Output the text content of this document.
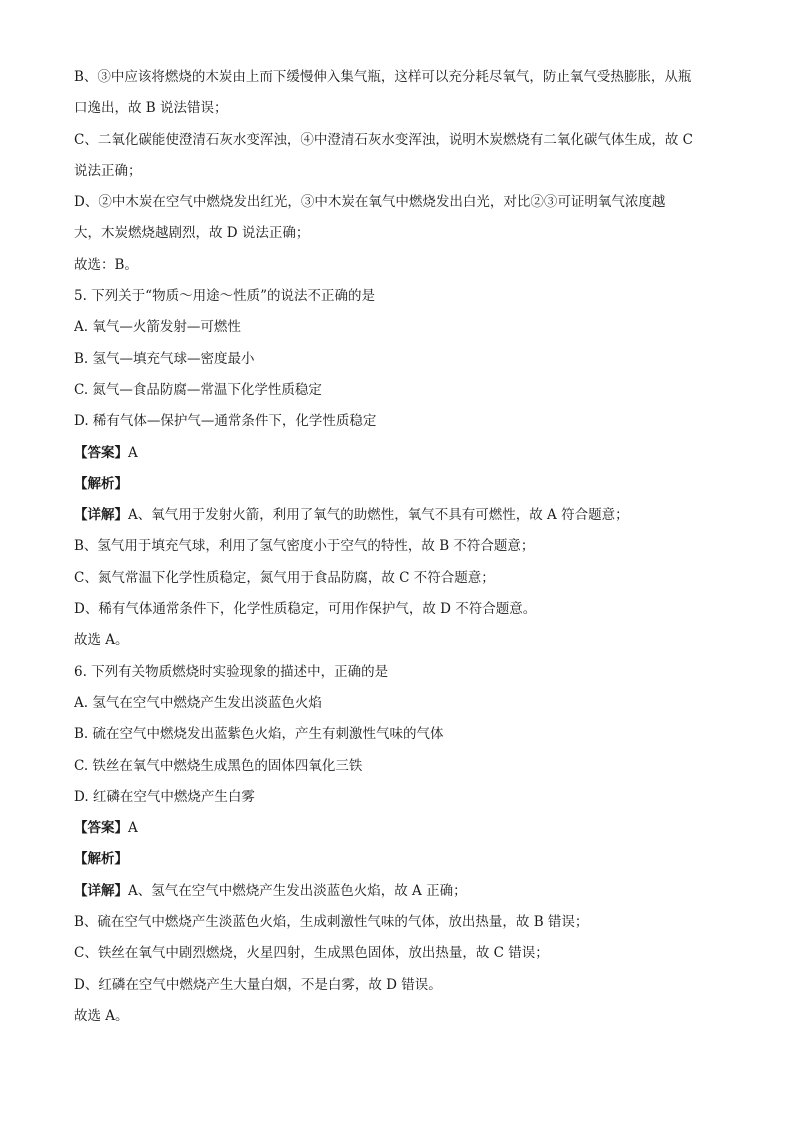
B、③中应该将燃烧的木炭由上而下缓慢伸入集气瓶，这样可以充分耗尽氧气，防止氧气受热膨胀，从瓶
口逸出，故 B 说法错误；
C、二氧化碳能使澄清石灰水变浑浊，④中澄清石灰水变浑浊，说明木炭燃烧有二氧化碳气体生成，故 C
说法正确；
D、②中木炭在空气中燃烧发出红光，③中木炭在氧气中燃烧发出白光，对比②③可证明氧气浓度越
大，木炭燃烧越剧烈，故 D 说法正确；
故选：B。
5. 下列关于“物质～用途～性质”的说法不正确的是
A. 氧气—火箭发射—可燃性
B. 氢气—填充气球—密度最小
C. 氮气—食品防腐—常温下化学性质稳定
D. 稀有气体—保护气—通常条件下，化学性质稳定
【答案】A
【解析】
【详解】A、氧气用于发射火箭，利用了氧气的助燃性，氧气不具有可燃性，故 A 符合题意；
B、氢气用于填充气球，利用了氢气密度小于空气的特性，故 B 不符合题意；
C、氮气常温下化学性质稳定，氮气用于食品防腐，故 C 不符合题意；
D、稀有气体通常条件下，化学性质稳定，可用作保护气，故 D 不符合题意。
故选 A。
6. 下列有关物质燃烧时实验现象的描述中，正确的是
A. 氢气在空气中燃烧产生发出淡蓝色火焰
B. 硫在空气中燃烧发出蓝紫色火焰，产生有刺激性气味的气体
C. 铁丝在氧气中燃烧生成黑色的固体四氧化三铁
D. 红磷在空气中燃烧产生白雾
【答案】A
【解析】
【详解】A、氢气在空气中燃烧产生发出淡蓝色火焰，故 A 正确；
B、硫在空气中燃烧产生淡蓝色火焰，生成刺激性气味的气体，放出热量，故 B 错误；
C、铁丝在氧气中剧烈燃烧，火星四射，生成黑色固体，放出热量，故 C 错误；
D、红磷在空气中燃烧产生大量白烟，不是白雾，故 D 错误。
故选 A。
